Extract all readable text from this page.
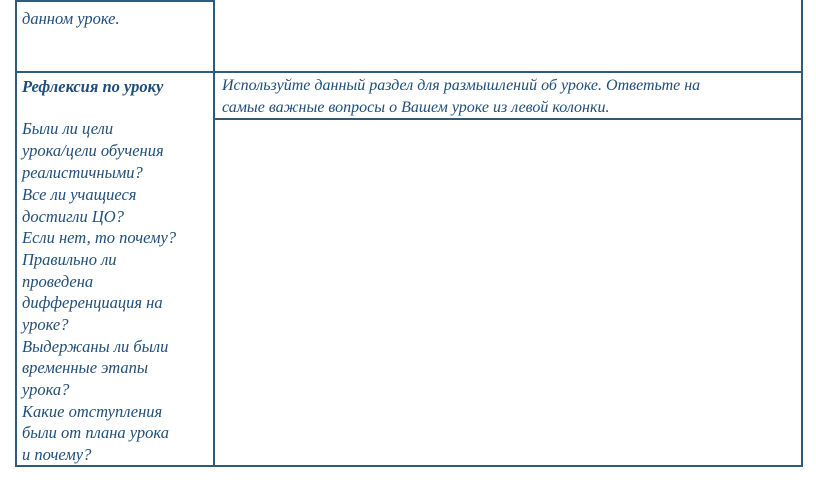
данном уроке.
Рефлексия по уроку
Были ли цели
урока/цели обучения
реалистичными?
Все ли учащиеся
достигли ЦО?
Если нет, то почему?
Правильно ли
проведена
дифференциация на
уроке?
Выдержаны ли были
временные этапы
урока?
Какие отступления
были от плана урока
и почему?
Используйте данный раздел для размышлений об уроке. Ответьте на
самые важные вопросы о Вашем уроке из левой колонки.
